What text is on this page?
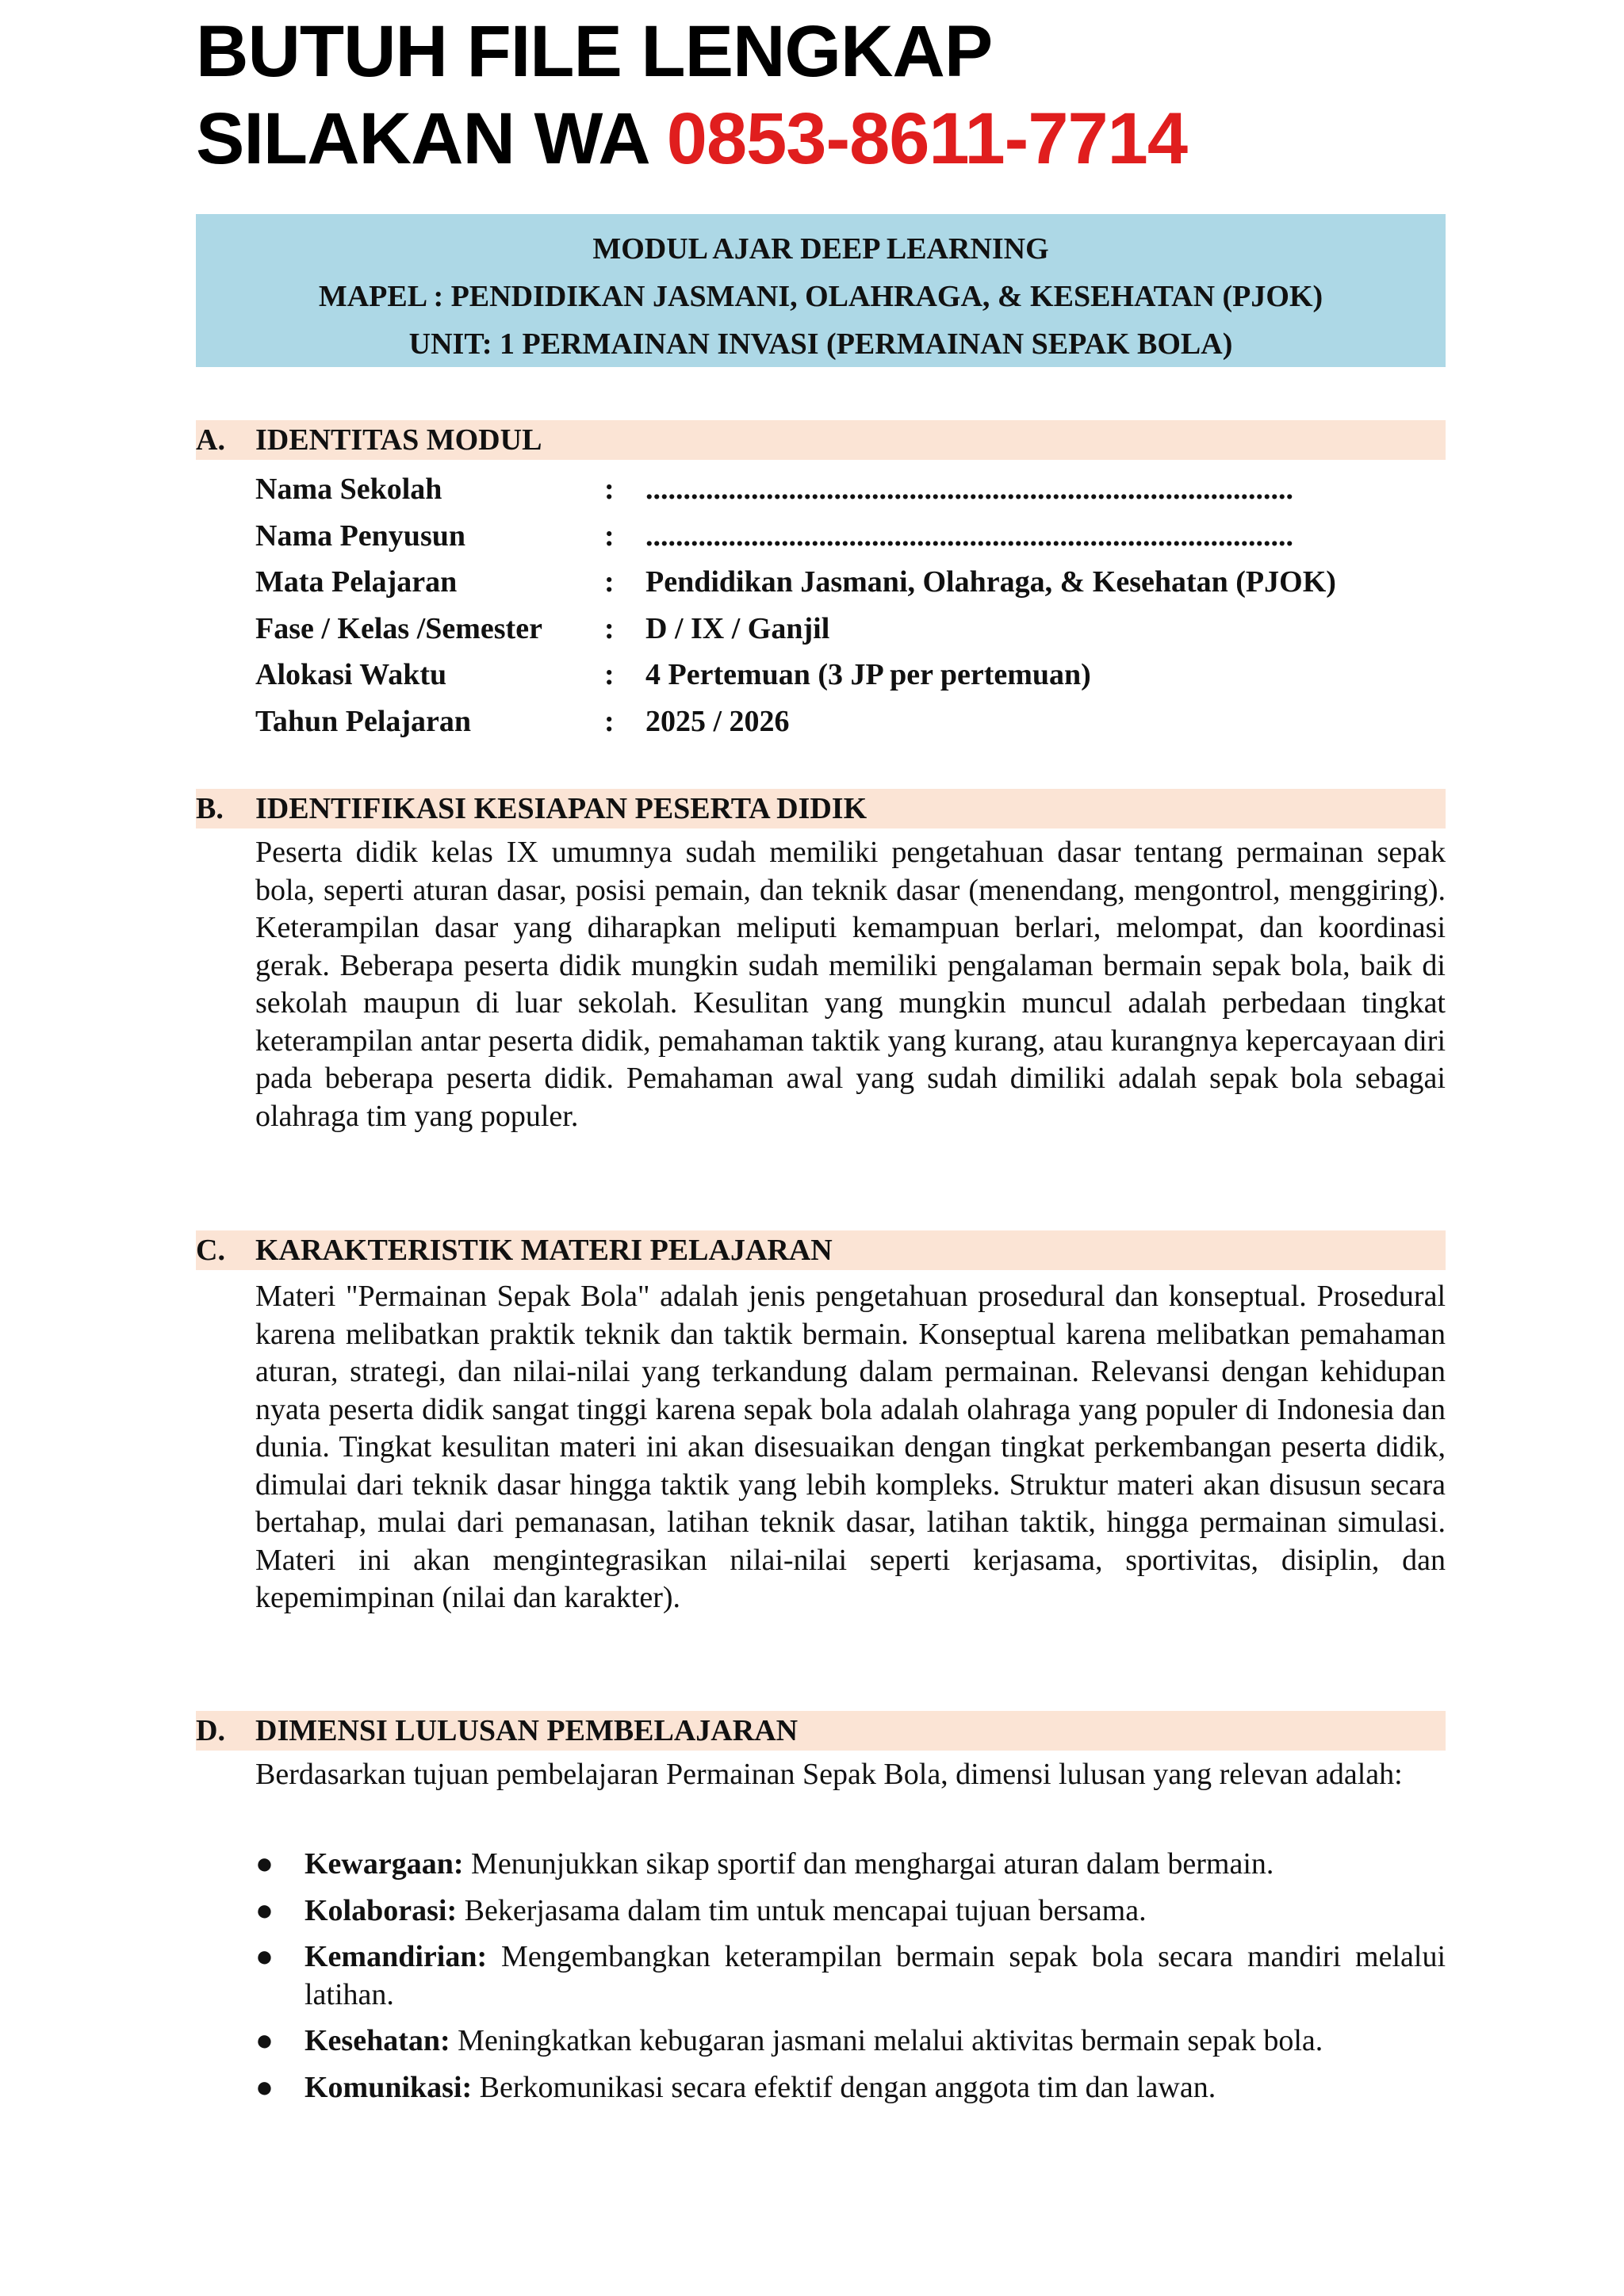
BUTUH FILE LENGKAP
SILAKAN WA 0853-8611-7714
MODUL AJAR DEEP LEARNING
MAPEL : PENDIDIKAN JASMANI, OLAHRAGA, & KESEHATAN (PJOK)
UNIT: 1 PERMAINAN INVASI (PERMAINAN SEPAK BOLA)
A. IDENTITAS MODUL
Nama Sekolah	: ......................................................................................
Nama Penyusun	: ......................................................................................
Mata Pelajaran	: Pendidikan Jasmani, Olahraga, & Kesehatan (PJOK)
Fase / Kelas /Semester : D / IX / Ganjil
Alokasi Waktu	: 4 Pertemuan (3 JP per pertemuan)
Tahun Pelajaran	: 2025 / 2026
B. IDENTIFIKASI KESIAPAN PESERTA DIDIK

Peserta didik kelas IX umumnya sudah memiliki pengetahuan dasar tentang permainan sepak bola, seperti aturan dasar, posisi pemain, dan teknik dasar (menendang, mengontrol, menggiring). Keterampilan dasar yang diharapkan meliputi kemampuan berlari, melompat, dan koordinasi gerak. Beberapa peserta didik mungkin sudah memiliki pengalaman bermain sepak bola, baik di sekolah maupun di luar sekolah. Kesulitan yang mungkin muncul adalah perbedaan tingkat keterampilan antar peserta didik, pemahaman taktik yang kurang, atau kurangnya kepercayaan diri pada beberapa peserta didik. Pemahaman awal yang sudah dimiliki adalah sepak bola sebagai olahraga tim yang populer.

C. KARAKTERISTIK MATERI PELAJARAN

Materi "Permainan Sepak Bola" adalah jenis pengetahuan prosedural dan konseptual. Prosedural karena melibatkan praktik teknik dan taktik bermain. Konseptual karena melibatkan pemahaman aturan, strategi, dan nilai-nilai yang terkandung dalam permainan. Relevansi dengan kehidupan nyata peserta didik sangat tinggi karena sepak bola adalah olahraga yang populer di Indonesia dan dunia. Tingkat kesulitan materi ini akan disesuaikan dengan tingkat perkembangan peserta didik, dimulai dari teknik dasar hingga taktik yang lebih kompleks. Struktur materi akan disusun secara bertahap, mulai dari pemanasan, latihan teknik dasar, latihan taktik, hingga permainan simulasi. Materi ini akan mengintegrasikan nilai-nilai seperti kerjasama, sportivitas, disiplin, dan kepemimpinan (nilai dan karakter).

D. DIMENSI LULUSAN PEMBELAJARAN

Berdasarkan tujuan pembelajaran Permainan Sepak Bola, dimensi lulusan yang relevan adalah:

● Kewargaan: Menunjukkan sikap sportif dan menghargai aturan dalam bermain.
● Kolaborasi: Bekerjasama dalam tim untuk mencapai tujuan bersama.
● Kemandirian: Mengembangkan keterampilan bermain sepak bola secara mandiri melalui latihan.
● Kesehatan: Meningkatkan kebugaran jasmani melalui aktivitas bermain sepak bola.
● Komunikasi: Berkomunikasi secara efektif dengan anggota tim dan lawan.
